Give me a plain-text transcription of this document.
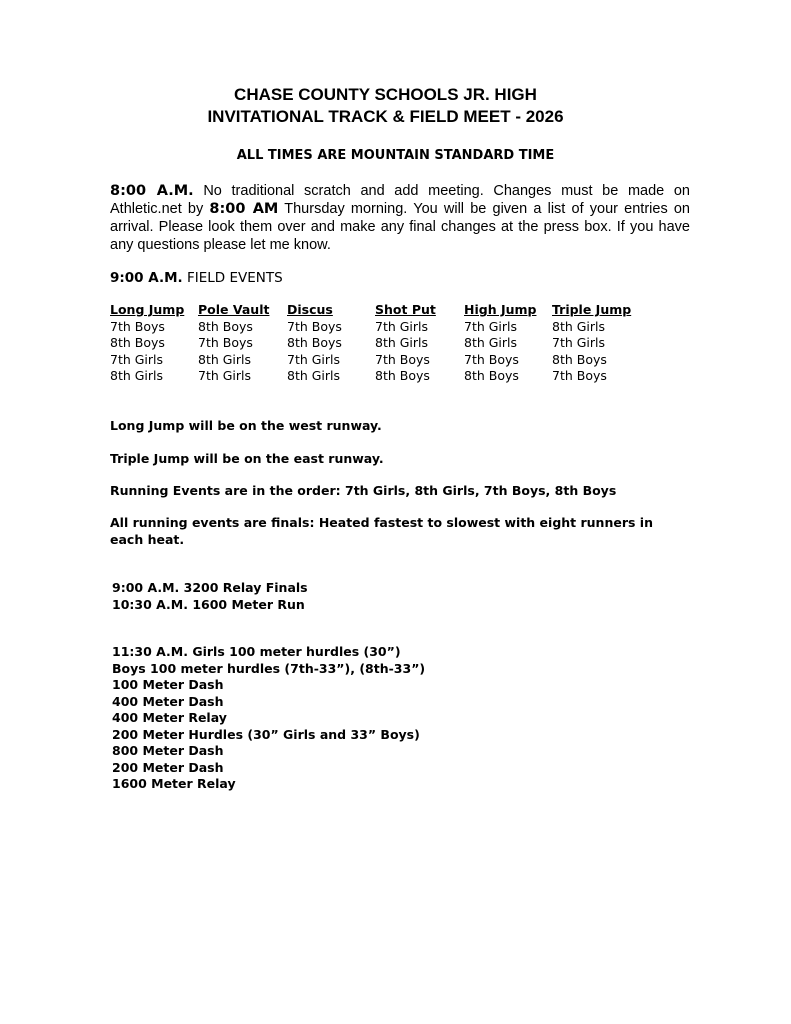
CHASE COUNTY SCHOOLS JR. HIGH
INVITATIONAL TRACK & FIELD MEET - 2026
ALL TIMES ARE MOUNTAIN STANDARD TIME
8:00 A.M. No traditional scratch and add meeting. Changes must be made on Athletic.net by 8:00 AM Thursday morning. You will be given a list of your entries on arrival. Please look them over and make any final changes at the press box. If you have any questions please let me know.
9:00 A.M. FIELD EVENTS
Long Jump
7th Boys
8th Boys
7th Girls
8th Girls
Pole Vault
8th Boys
7th Boys
8th Girls
7th Girls
Discus
7th Boys
8th Boys
7th Girls
8th Girls
Shot Put
7th Girls
8th Girls
7th Boys
8th Boys
High Jump
7th Girls
8th Girls
7th Boys
8th Boys
Triple Jump
8th Girls
7th Girls
8th Boys
7th Boys
Long Jump will be on the west runway.
Triple Jump will be on the east runway.
Running Events are in the order: 7th Girls, 8th Girls, 7th Boys, 8th Boys
All running events are finals: Heated fastest to slowest with eight runners in each heat.
9:00 A.M. 3200 Relay Finals
10:30 A.M. 1600 Meter Run
11:30 A.M. Girls 100 meter hurdles (30”)
Boys 100 meter hurdles (7th-33”), (8th-33”)
100 Meter Dash
400 Meter Dash
400 Meter Relay
200 Meter Hurdles (30” Girls and 33” Boys)
800 Meter Dash
200 Meter Dash
1600 Meter Relay
